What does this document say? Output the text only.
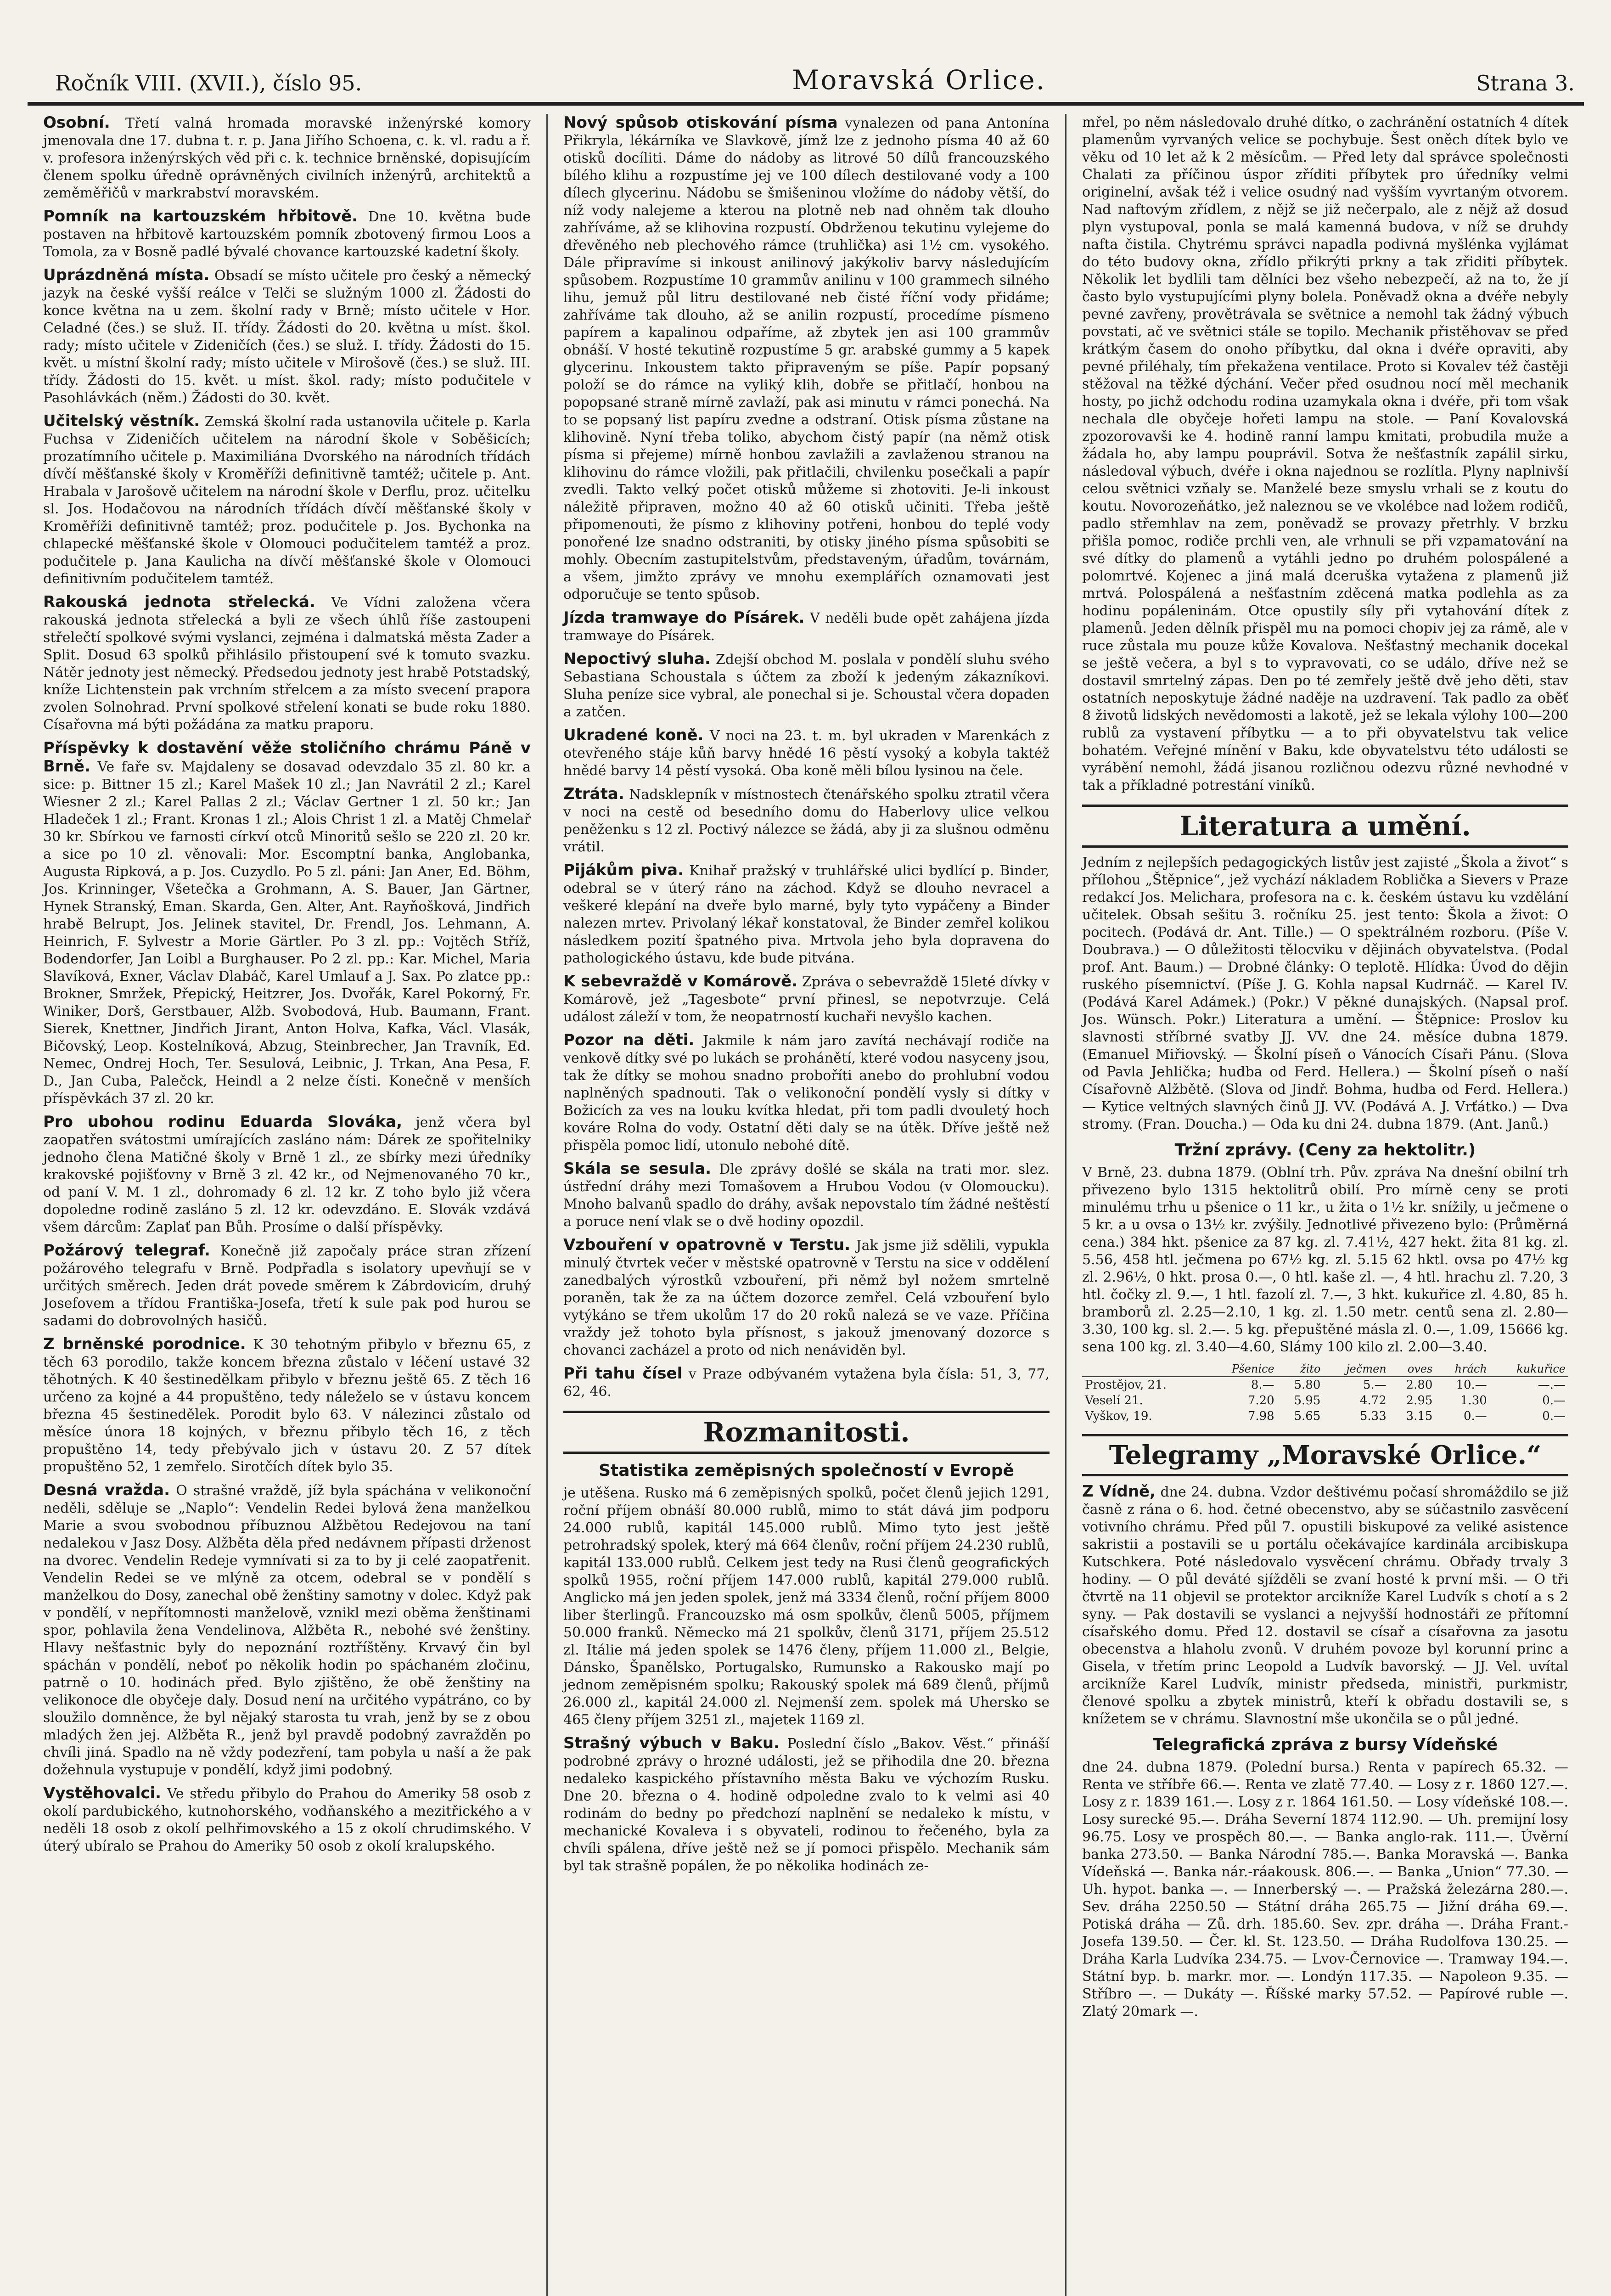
Ročník VIII. (XVII.), číslo 95.	Moravská Orlice.	Strana 3.

Osobní. Třetí valná hromada moravské inženýrské komory jmenovala dne 17. dubna t. r. p. Jana Jiřího Schoena, c. k. vl. radu a ř. v. profesora inženýrských věd při c. k. technice brněnské, dopisujícím členem spolku úředně oprávněných civilních inženýrů, architektů a zeměměřičů v markrabství moravském.

Pomník na kartouzském hřbitově. Dne 10. května bude postaven na hřbitově kartouzském pomník zbotovený firmou Loos a Tomola, za v Bosně padlé bývalé chovance kartouzské kadetní školy.

Uprázdněná místa. Obsadí se místo učitele pro český a německý jazyk na české vyšší reálce v Telči se služným 1000 zl. Žádosti do konce května na u zem. školní rady v Brně; místo učitele v Hor. Celadné (čes.) se služ. II. třídy. Žádosti do 20. května u míst. škol. rady; místo učitele v Zideničích (čes.) se služ. I. třídy. Žádosti do 15. květ. u místní školní rady; místo učitele v Mirošově (čes.) se služ. III. třídy. Žádosti do 15. květ. u míst. škol. rady; místo podučitele v Pasohlávkách (něm.) Žádosti do 30. květ.

Učitelský věstník. Zemská školní rada ustanovila učitele p. Karla Fuchsa v Zideničích učitelem na národní škole v Soběšicích; prozatímního učitele p. Maximiliána Dvorského na národních třídách dívčí měšťanské školy v Kroměříži definitivně tamtéž; učitele p. Ant. Hrabala v Jarošově učitelem na národní škole v Derflu, proz. učitelku sl. Jos. Hodačovou na národních třídách dívčí měšťanské školy v Kroměříži definitivně tamtéž; proz. podučitele p. Jos. Bychonka na chlapecké měšťanské škole v Olomouci podučitelem tamtéž a proz. podučitele p. Jana Kaulicha na dívčí měšťanské škole v Olomouci definitivním podučitelem tamtéž.

Rakouská jednota střelecká. Ve Vídni založena včera rakouská jednota střelecká a byli ze všech úhlů říše zastoupeni střelečtí spolkové svými vyslanci, zejména i dalmatská města Zader a Split. Dosud 63 spolků přihlásilo přistoupení své k tomuto svazku. Nátěr jednoty jest německý. Předsedou jednoty jest hrabě Potstadský, kníže Lichtenstein pak vrchním střelcem a za místo svecení prapora zvolen Solnohrad. První spolkové střelení konati se bude roku 1880. Císařovna má býti požádána za matku praporu.

Příspěvky k dostavění věže stoličního chrámu Páně v Brně. Ve faře sv. Majdaleny se dosavad odevzdalo 35 zl. 80 kr. a sice: p. Bittner 15 zl.; Karel Mašek 10 zl.; Jan Navrátil 2 zl.; Karel Wiesner 2 zl.; Karel Pallas 2 zl.; Václav Gertner 1 zl. 50 kr.; Jan Hladeček 1 zl.; Frant. Kronas 1 zl.; Alois Christ 1 zl. a Matěj Chmelař 30 kr. Sbírkou ve farnosti církví otců Minoritů sešlo se 220 zl. 20 kr. a sice po 10 zl. věnovali: Mor. Escomptní banka, Anglobanka, Augusta Ripková, a p. Jos. Cuzydlo. Po 5 zl. páni: Jan Aner, Ed. Böhm, Jos. Krinninger, Všetečka a Grohmann, A. S. Bauer, Jan Gärtner, Hynek Stranský, Eman. Skarda, Gen. Alter, Ant. Rayňošková, Jindřich hrabě Belrupt, Jos. Jelinek stavitel, Dr. Frendl, Jos. Lehmann, A. Heinrich, F. Sylvestr a Morie Gärtler. Po 3 zl. pp.: Vojtěch Stříž, Bodendorfer, Jan Loibl a Burghauser. Po 2 zl. pp.: Kar. Michel, Maria Slavíková, Exner, Václav Dlabáč, Karel Umlauf a J. Sax. Po zlatce pp.: Brokner, Smržek, Přepický, Heitzrer, Jos. Dvořák, Karel Pokorný, Fr. Winiker, Dorš, Gerstbauer, Alžb. Svobodová, Hub. Baumann, Frant. Sierek, Knettner, Jindřich Jirant, Anton Holva, Kafka, Václ. Vlasák, Bičovský, Leop. Kostelníková, Abzug, Steinbrecher, Jan Travník, Ed. Nemec, Ondrej Hoch, Ter. Sesulová, Leibnic, J. Trkan, Ana Pesa, F. D., Jan Cuba, Palečck, Heindl a 2 nelze čísti. Konečně v menších příspěvkách 37 zl. 20 kr.

Pro ubohou rodinu Eduarda Slováka, jenž včera byl zaopatřen svátostmi umírajících zasláno nám: Dárek ze spořitelniky jednoho člena Matičné školy v Brně 1 zl., ze sbírky mezi úředníky krakovské pojišťovny v Brně 3 zl. 42 kr., od Nejmenovaného 70 kr., od paní V. M. 1 zl., dohromady 6 zl. 12 kr. Z toho bylo již včera dopoledne rodině zasláno 5 zl. 12 kr. odevzdáno. E. Slovák vzdává všem dárcům: Zaplať pan Bůh. Prosíme o další příspěvky.

Požárový telegraf. Konečně již započaly práce stran zřízení požárového telegrafu v Brně. Podpřadla s isolatory upevňují se v určitých směrech. Jeden drát povede směrem k Zábrdovicím, druhý Josefovem a třídou Františka-Josefa, třetí k sule pak pod hurou se sadami do dobrovolných hasičů.

Z brněnské porodnice. K 30 tehotným přibylo v březnu 65, z těch 63 porodilo, takže koncem března zůstalo v léčení ustavé 32 těhotných. K 40 šestinedělkam přibylo v březnu ještě 65. Z těch 16 určeno za kojné a 44 propuštěno, tedy náleželo se v ústavu koncem března 45 šestinedělek. Porodit bylo 63. V nálezinci zůstalo od měsíce února 18 kojných, v březnu přibylo těch 16, z těch propuštěno 14, tedy přebývalo jich v ústavu 20. Z 57 dítek propuštěno 52, 1 zemřelo. Sirotčích dítek bylo 35.

Desná vražda. O strašné vraždě, jíž byla spáchána v velikonoční neděli, sděluje se „Naplo“: Vendelin Redei bylová žena manželkou Marie a svou svobodnou příbuznou Alžbětou Redejovou na taní nedalekou v Jasz Dosy. Alžběta děla před nedávnem přípasti drženost na dvorec. Vendelin Redeje vymnívati si za to by ji celé zaopatřenit. Vendelin Redei se ve mlýně za otcem, odebral se v pondělí s manželkou do Dosy, zanechal obě ženštiny samotny v dolec. Když pak v pondělí, v nepřítomnosti manželově, vznikl mezi oběma ženštinami spor, pohlavila žena Vendelinova, Alžběta R., nebohé své ženštiny. Hlavy nešťastnic byly do nepoznání roztříštěny. Krvavý čin byl spáchán v pondělí, neboť po několik hodin po spáchaném zločinu, patrně o 10. hodinách před. Bylo zjištěno, že obě ženštiny na velikonoce dle obyčeje daly. Dosud není na určitého vypátráno, co by sloužilo domněnce, že byl nějaký starosta tu vrah, jenž by se z obou mladých žen jej. Alžběta R., jenž byl pravdě podobný zavražděn po chvíli jiná. Spadlo na ně vždy podezření, tam pobyla u naší a že pak dožehnula vystupuje v pondělí, když jimi podobný.

Vystěhovalci. Ve středu přibylo do Prahou do Ameriky 58 osob z okolí pardubického, kutnohorského, vodňanského a mezitřického a v neděli 18 osob z okolí pelhřimovského a 15 z okolí chrudimského. V úterý ubíralo se Prahou do Ameriky 50 osob z okolí kralupského.

Nový spůsob otiskování písma vynalezen od pana Antonína Přikryla, lékárníka ve Slavkově, jímž lze z jednoho písma 40 až 60 otisků docíliti. Dáme do nádoby as litrové 50 dílů francouzského bílého klihu a rozpustíme jej ve 100 dílech destilované vody a 100 dílech glycerinu. Nádobu se šmišeninou vložíme do nádoby větší, do níž vody nalejeme a kterou na plotně neb nad ohněm tak dlouho zahříváme, až se klihovina rozpustí. Obdrženou tekutinu vylejeme do dřevěného neb plechového rámce (truhlička) asi 1½ cm. vysokého. Dále připravíme si inkoust anilinový jakýkoliv barvy následujícím spůsobem. Rozpustíme 10 grammův anilinu v 100 grammech silného lihu, jemuž půl litru destilované neb čisté říční vody přidáme; zahříváme tak dlouho, až se anilin rozpustí, procedíme písmeno papírem a kapalinou odpaříme, až zbytek jen asi 100 grammův obnáší. V hosté tekutině rozpustíme 5 gr. arabské gummy a 5 kapek glycerinu. Inkoustem takto připraveným se píše. Papír popsaný položí se do rámce na vyliký klih, dobře se přitlačí, honbou na popopsané straně mírně zavlaží, pak asi minutu v rámci ponechá. Na to se popsaný list papíru zvedne a odstraní. Otisk písma zůstane na klihovině. Nyní třeba toliko, abychom čistý papír (na němž otisk písma si přejeme) mírně honbou zavlažili a zavlaženou stranou na klihovinu do rámce vložili, pak přitlačili, chvilenku posečkali a papír zvedli. Takto velký počet otisků můžeme si zhotoviti. Je-li inkoust náležitě připraven, možno 40 až 60 otisků učiniti. Třeba ještě připomenouti, že písmo z klihoviny potřeni, honbou do teplé vody ponořené lze snadno odstraniti, by otisky jiného písma spůsobiti se mohly. Obecním zastupitelstvům, představeným, úřadům, továrnám, a všem, jimžto zprávy ve mnohu exemplářích oznamovati jest odporučuje se tento spůsob.

Jízda tramwaye do Písárek. V neděli bude opět zahájena jízda tramwaye do Písárek.

Nepoctivý sluha. Zdejší obchod M. poslala v pondělí sluhu svého Sebastiana Schoustala s účtem za zboží k jedeným zákazníkovi. Sluha peníze sice vybral, ale ponechal si je. Schoustal včera dopaden a zatčen.

Ukradené koně. V noci na 23. t. m. byl ukraden v Marenkách z otevřeného stáje kůň barvy hnědé 16 pěstí vysoký a kobyla taktéž hnědé barvy 14 pěstí vysoká. Oba koně měli bílou lysinou na čele.

Ztráta. Nadsklepník v místnostech čtenářského spolku ztratil včera v noci na cestě od besedního domu do Haberlovy ulice velkou peněženku s 12 zl. Poctivý nálezce se žádá, aby ji za slušnou odměnu vrátil.

Pijákům piva. Knihař pražský v truhlářské ulici bydlící p. Binder, odebral se v úterý ráno na záchod. Když se dlouho nevracel a veškeré klepání na dveře bylo marné, byly tyto vypáčeny a Binder nalezen mrtev. Privolaný lékař konstatoval, že Binder zemřel kolikou následkem pozití špatného piva. Mrtvola jeho byla dopravena do pathologického ústavu, kde bude pitvána.

K sebevraždě v Komárově. Zpráva o sebevraždě 15leté dívky v Komárově, jež „Tagesbote“ první přinesl, se nepotvrzuje. Celá událost záleží v tom, že neopatrností kuchaři nevyšlo kachen.

Pozor na děti. Jakmile k nám jaro zavítá nechávají rodiče na venkově dítky své po lukách se prohánětí, které vodou nasyceny jsou, tak že dítky se mohou snadno proboříti anebo do prohlubní vodou naplněných spadnouti. Tak o velikonoční pondělí vysly si dítky v Božicích za ves na louku kvítka hledat, při tom padli dvouletý hoch kováre Rolna do vody. Ostatní děti daly se na útěk. Dříve ještě než přispěla pomoc lidí, utonulo nebohé dítě.

Skála se sesula. Dle zprávy došlé se skála na trati mor. slez. ústřední dráhy mezi Tomašovem a Hrubou Vodou (v Olomoucku). Mnoho balvanů spadlo do dráhy, avšak nepovstalo tím žádné neštěstí a poruce není vlak se o dvě hodiny opozdil.

Vzbouření v opatrovně v Terstu. Jak jsme již sdělili, vypukla minulý čtvrtek večer v městské opatrovně v Terstu na sice v oddělení zanedbalých výrostků vzbouření, při němž byl nožem smrtelně poraněn, tak že za na účtem dozorce zemřel. Celá vzbouření bylo vytýkáno se třem ukolům 17 do 20 roků nalezá se ve vaze. Příčina vraždy jež tohoto byla přísnost, s jakouž jmenovaný dozorce s chovanci zacházel a proto od nich nenáviděn byl.

Při tahu čísel v Praze odbývaném vytažena byla čísla: 51, 3, 77, 62, 46.

Rozmanitosti.
Statistika zeměpisných společností v Evropě

je utěšena. Rusko má 6 zeměpisných spolků, počet členů jejich 1291, roční příjem obnáší 80.000 rublů, mimo to stát dává jim podporu 24.000 rublů, kapitál 145.000 rublů. Mimo tyto jest ještě petrohradský spolek, který má 664 členův, roční příjem 24.230 rublů, kapitál 133.000 rublů. Celkem jest tedy na Rusi členů geografických spolků 1955, roční příjem 147.000 rublů, kapitál 279.000 rublů. Anglicko má jen jeden spolek, jenž má 3334 členů, roční příjem 8000 liber šterlingů. Francouzsko má osm spolkův, členů 5005, příjmem 50.000 franků. Německo má 21 spolkův, členů 3171, příjem 25.512 zl. Itálie má jeden spolek se 1476 členy, příjem 11.000 zl., Belgie, Dánsko, Španělsko, Portugalsko, Rumunsko a Rakousko mají po jednom zeměpisném spolku; Rakouský spolek má 689 členů, příjmů 26.000 zl., kapitál 24.000 zl. Nejmenší zem. spolek má Uhersko se 465 členy příjem 3251 zl., majetek 1169 zl.

Strašný výbuch v Baku. Poslední číslo „Bakov. Věst.“ přináší podrobné zprávy o hrozné události, jež se přihodila dne 20. března nedaleko kaspického přístavního města Baku ve výchozím Rusku. Dne 20. března o 4. hodině odpoledne zvalo to k velmi asi 40 rodinám do bedny po předchozí naplnění se nedaleko k místu, v mechanické Kovaleva i s obyvateli, rodinou to řečeného, byla za chvíli spálena, dříve ještě než se jí pomoci přispělo. Mechanik sám byl tak strašně popálen, že po několika hodinách ze-

mřel, po něm následovalo druhé dítko, o zachránění ostatních 4 dítek plamenům vyrvaných velice se pochybuje. Šest oněch dítek bylo ve věku od 10 let až k 2 měsícům. — Před lety dal správce společnosti Chalati za příčinou úspor zříditi příbytek pro úředníky velmi originelní, avšak též i velice osudný nad vyšším vyvrtaným otvorem. Nad naftovým zřídlem, z nějž se již nečerpalo, ale z nějž až dosud plyn vystupoval, ponla se malá kamenná budova, v níž se druhdy nafta čistila. Chytrému správci napadla podivná myšlénka vyjlámat do této budovy okna, zřídlo přikrýti prkny a tak zřiditi příbytek. Několik let bydlili tam dělníci bez všeho nebezpečí, až na to, že jí často bylo vystupujícími plyny bolela. Poněvadž okna a dvéře nebyly pevné zavřeny, provětrávala se světnice a nemohl tak žádný výbuch povstati, ač ve světnici stále se topilo. Mechanik přistěhovav se před krátkým časem do onoho příbytku, dal okna i dvéře opraviti, aby pevné přiléhaly, tím překažena ventilace. Proto si Kovalev též častěji stěžoval na těžké dýchání. Večer před osudnou nocí měl mechanik hosty, po jichž odchodu rodina uzamykala okna i dvéře, při tom však nechala dle obyčeje hořeti lampu na stole. — Paní Kovalovská zpozorovavši ke 4. hodině ranní lampu kmitati, probudila muže a žádala ho, aby lampu pouprávil. Sotva že nešťastník zapálil sirku, následoval výbuch, dvéře i okna najednou se rozlítla. Plyny naplnivší celou světnici vzňaly se. Manželé beze smyslu vrhali se z koutu do koutu. Novorozeňátko, jež naleznou se ve vkolébce nad ložem rodičů, padlo střemhlav na zem, poněvadž se provazy přetrhly. V brzku přišla pomoc, rodiče prchli ven, ale vrhnuli se při vzpamatování na své dítky do plamenů a vytáhli jedno po druhém polospálené a polomrtvé. Kojenec a jiná malá dceruška vytažena z plamenů již mrtvá. Polospálená a nešťastním zděcená matka podlehla as za hodinu popáleninám. Otce opustily síly při vytahování dítek z plamenů. Jeden dělník přispěl mu na pomoci chopiv jej za rámě, ale v ruce zůstala mu pouze kůže Kovalova. Nešťastný mechanik docekal se ještě večera, a byl s to vypravovati, co se událo, dříve než se dostavil smrtelný zápas. Den po té zemřely ještě dvě jeho děti, stav ostatních neposkytuje žádné naděje na uzdravení. Tak padlo za oběť 8 životů lidských nevědomosti a lakotě, jež se lekala výlohy 100—200 rublů za vystavení příbytku — a to při obyvatelstvu tak velice bohatém. Veřejné mínění v Baku, kde obyvatelstvu této události se vyrábění nemohl, žádá jisanou rozličnou odezvu různé nevhodné v tak a příkladné potrestání viníků.

Literatura a umění.

Jedním z nejlepších pedagogických listův jest zajisté „Škola a život“ s přílohou „Štěpnice“, jež vychází nákladem Roblička a Sievers v Praze redakcí Jos. Melichara, profesora na c. k. českém ústavu ku vzdělání učitelek. Obsah sešitu 3. ročníku 25. jest tento: Škola a život: O pocitech. (Podává dr. Ant. Tille.) — O spektrálném rozboru. (Píše V. Doubrava.) — O důležitosti tělocviku v dějinách obyvatelstva. (Podal prof. Ant. Baum.) — Drobné články: O teplotě. Hlídka: Úvod do dějin ruského písemnictví. (Píše J. G. Kohla napsal Kudrnáč. — Karel IV. (Podává Karel Adámek.) (Pokr.) V pěkné dunajských. (Napsal prof. Jos. Wünsch. Pokr.) Literatura a umění. — Štěpnice: Proslov ku slavnosti stříbrné svatby JJ. VV. dne 24. měsíce dubna 1879. (Emanuel Miřiovský. — Školní píseň o Vánocích Císaři Pánu. (Slova od Pavla Jehlička; hudba od Ferd. Hellera.) — Školní píseň o naší Císařovně Alžbětě. (Slova od Jindř. Bohma, hudba od Ferd. Hellera.) — Kytice veltných slavných činů JJ. VV. (Podává A. J. Vrťátko.) — Dva stromy. (Fran. Doucha.) — Oda ku dni 24. dubna 1879. (Ant. Janů.)

Tržní zprávy. (Ceny za hektolitr.)

V Brně, 23. dubna 1879. (Oblní trh. Pův. zpráva Na dnešní obilní trh přivezeno bylo 1315 hektolitrů obilí. Pro mírně ceny se proti minulému trhu u pšenice o 11 kr., u žita o 1½ kr. snížily, u ječmene o 5 kr. a u ovsa o 13½ kr. zvýšily. Jednotlivé přivezeno bylo: (Průměrná cena.) 384 hkt. pšenice za 87 kg. zl. 7.41½, 427 hekt. žita 81 kg. zl. 5.56, 458 htl. ječmena po 67½ kg. zl. 5.15 62 hktl. ovsa po 47½ kg zl. 2.96½, 0 hkt. prosa 0.—, 0 htl. kaše zl. —, 4 htl. hrachu zl. 7.20, 3 htl. čočky zl. 9.—, 1 htl. fazolí zl. 7.—, 3 hkt. kukuřice zl. 4.80, 85 h. bramborů zl. 2.25—2.10, 1 kg. zl. 1.50 metr. centů sena zl. 2.80—3.30, 100 kg. sl. 2.—. 5 kg. přepuštěné másla zl. 0.—, 1.09, 15666 kg. sena 100 kg. zl. 3.40—4.60, Slámy 100 kilo zl. 2.00—3.40.

	Pšenice	žito	ječmen	oves	hrách	kukuřice
Prostějov, 21.	8.—	5.80	5.—	2.80	10.—	—.—
Veselí 21.	7.20	5.95	4.72	2.95	1.30	0.—
Vyškov, 19.	7.98	5.65	5.33	3.15	0.—	0.—
Telegramy „Moravské Orlice.“

Z Vídně, dne 24. dubna. Vzdor deštivému počasí shromáždilo se již časně z rána o 6. hod. četné obecenstvo, aby se súčastnilo zasvěcení votivního chrámu. Před půl 7. opustili biskupové za veliké asistence sakristii a postavili se u portálu očekávajíce kardinála arcibiskupa Kutschkera. Poté následovalo vysvěcení chrámu. Obřady trvaly 3 hodiny. — O půl deváté sjížděli se zvaní hosté k první mši. — O tři čtvrtě na 11 objevil se protektor arcikníže Karel Ludvík s chotí a s 2 syny. — Pak dostavili se vyslanci a nejvyšší hodnostáři ze přítomní císařského domu. Před 12. dostavil se císař a císařovna za jasotu obecenstva a hlaholu zvonů. V druhém povoze byl korunní princ a Gisela, v třetím princ Leopold a Ludvík bavorský. — JJ. Vel. uvítal arcikníže Karel Ludvík, ministr předseda, ministři, purkmistr, členové spolku a zbytek ministrů, kteří k obřadu dostavili se, s knížetem se v chrámu. Slavnostní mše ukončila se o půl jedné.

Telegrafická zpráva z bursy Vídeňské

dne 24. dubna 1879. (Polední bursa.) Renta v papírech 65.32. — Renta ve stříbře 66.—. Renta ve zlatě 77.40. — Losy z r. 1860 127.—. Losy z r. 1839 161.—. Losy z r. 1864 161.50. — Losy vídeňské 108.—. Losy surecké 95.—. Dráha Severní 1874 112.90. — Uh. premijní losy 96.75. Losy ve prospěch 80.—. — Banka anglo-rak. 111.—. Úvěrní banka 273.50. — Banka Národní 785.—. Banka Moravská —. Banka Vídeňská —. Banka nár.-ráakousk. 806.—. — Banka „Union“ 77.30. — Uh. hypot. banka —. — Innerberský —. — Pražská železárna 280.—. Sev. dráha 2250.50 — Státní dráha 265.75 — Jižní dráha 69.—. Potiská dráha — Zů. drh. 185.60. Sev. zpr. dráha —. Dráha Frant.-Josefa 139.50. — Čer. kl. St. 123.50. — Dráha Rudolfova 130.25. — Dráha Karla Ludvíka 234.75. — Lvov-Černovice —. Tramway 194.—. Státní byp. b. markr. mor. —. Londýn 117.35. — Napoleon 9.35. — Stříbro —. — Dukáty —. Říšské marky 57.52. — Papírové ruble —. Zlatý 20mark —.
